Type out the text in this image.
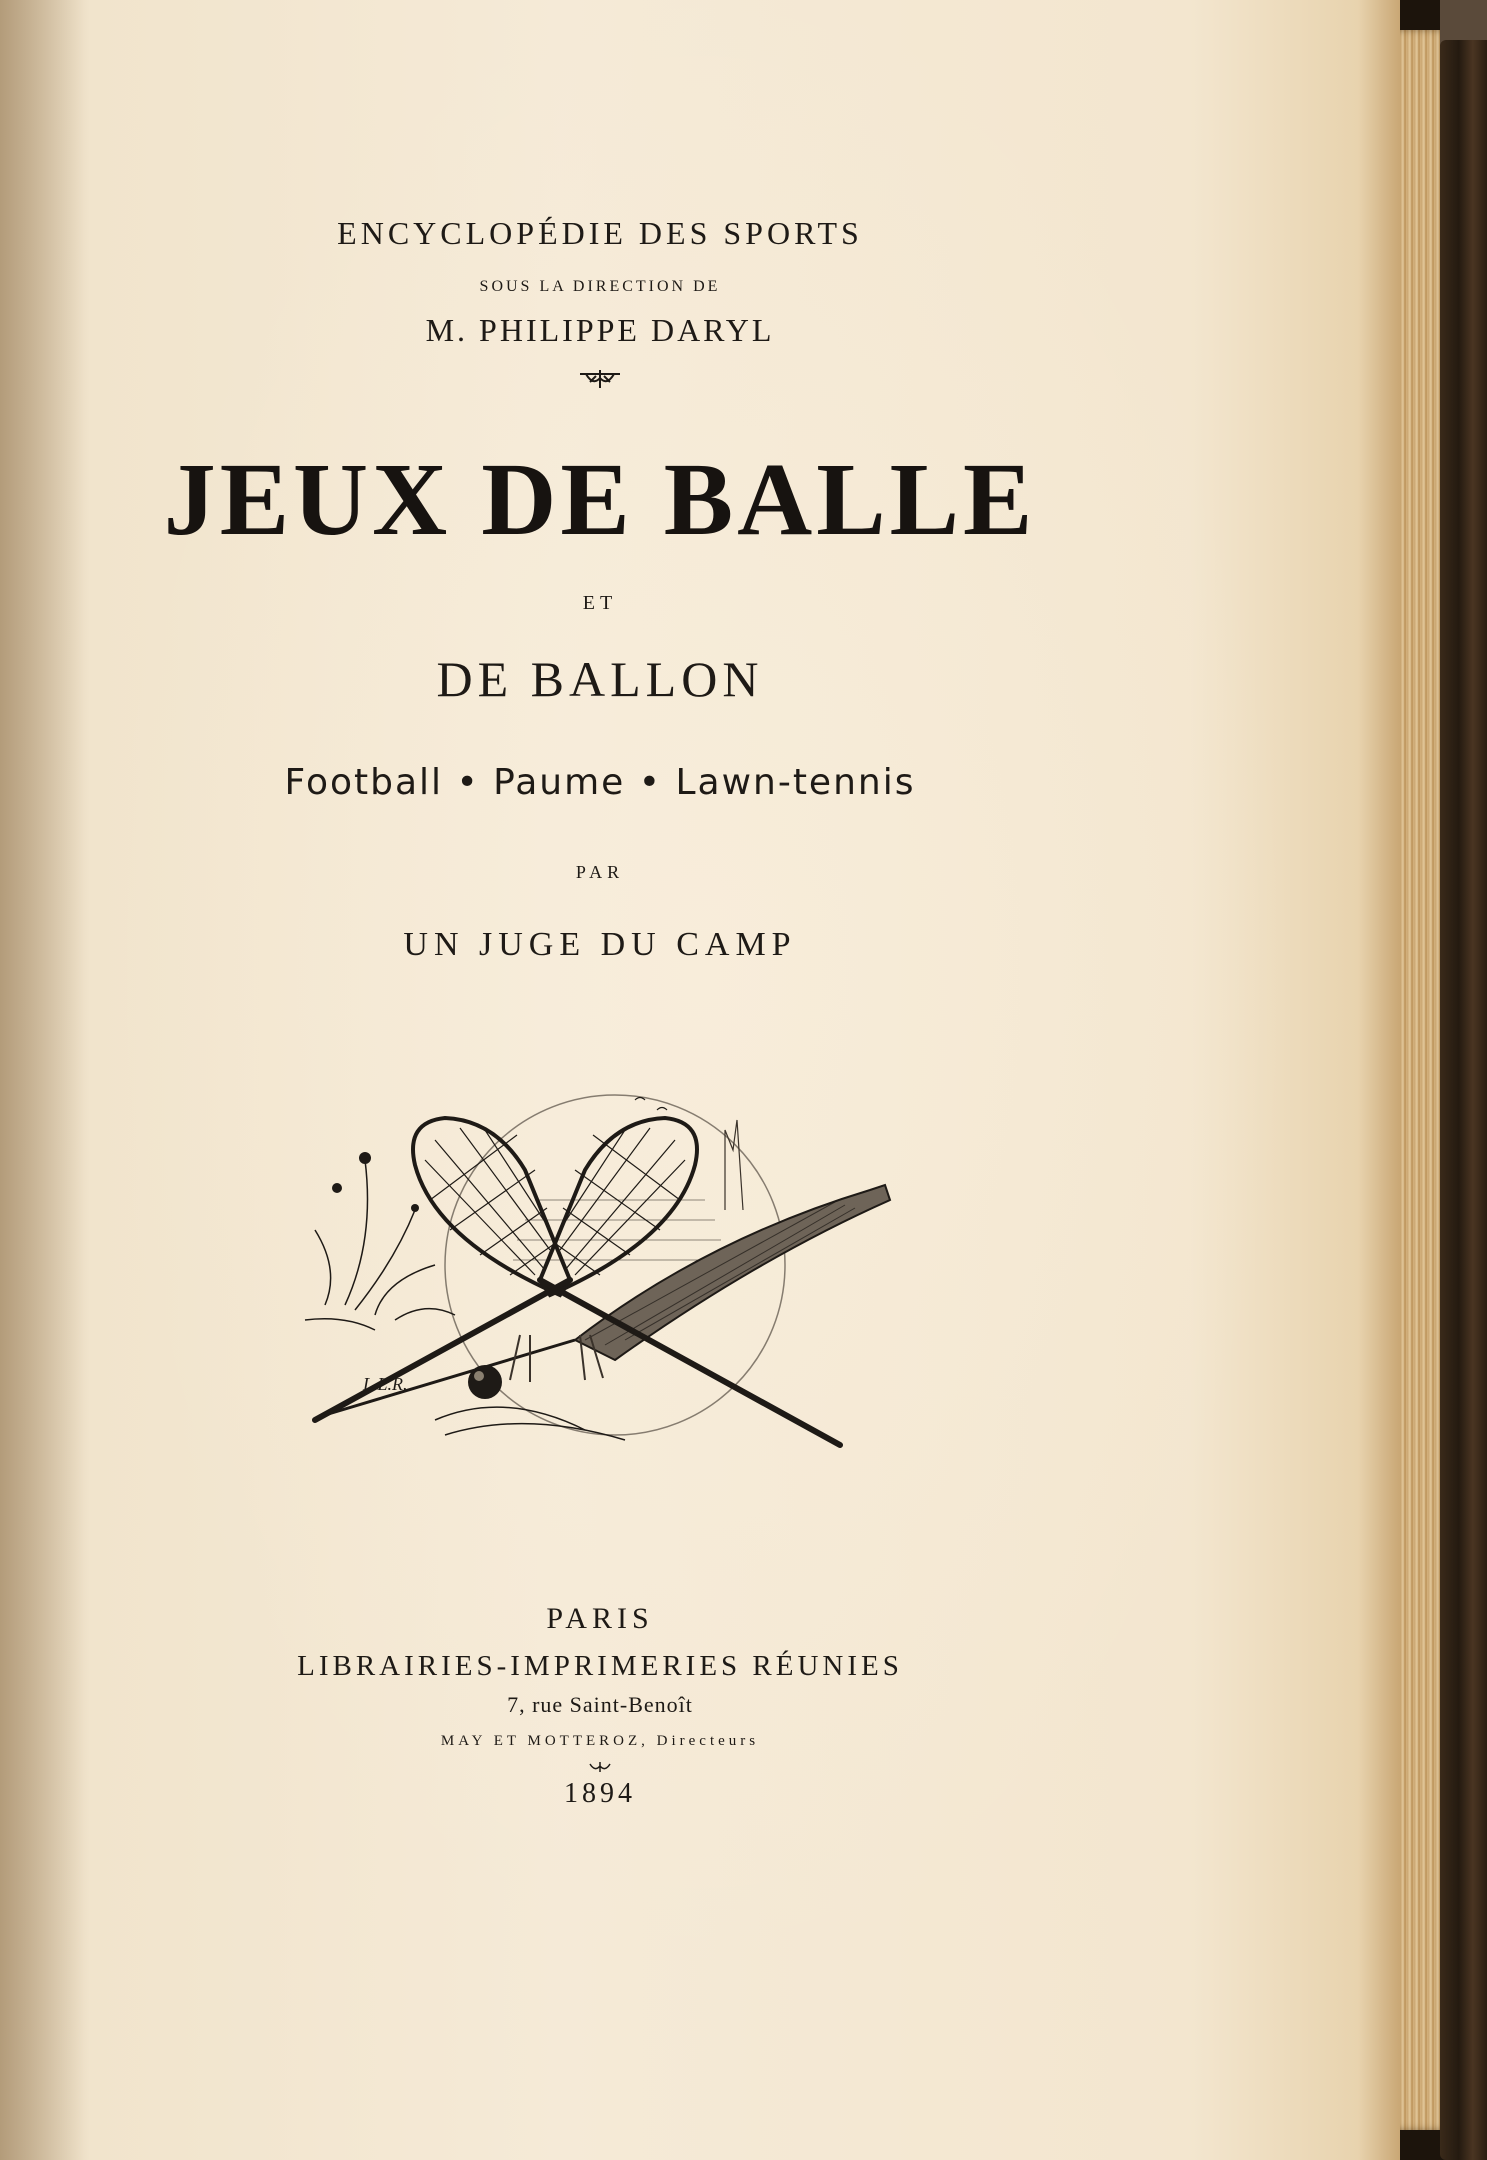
ENCYCLOPÉDIE DES SPORTS
SOUS LA DIRECTION DE
M. PHILIPPE DARYL
JEUX DE BALLE
ET
DE BALLON
Football • Paume • Lawn-tennis
PAR
UN JUGE DU CAMP
L.L.R.
PARIS
LIBRAIRIES-IMPRIMERIES RÉUNIES
7, rue Saint-Benoît
MAY ET MOTTEROZ, Directeurs
1894
